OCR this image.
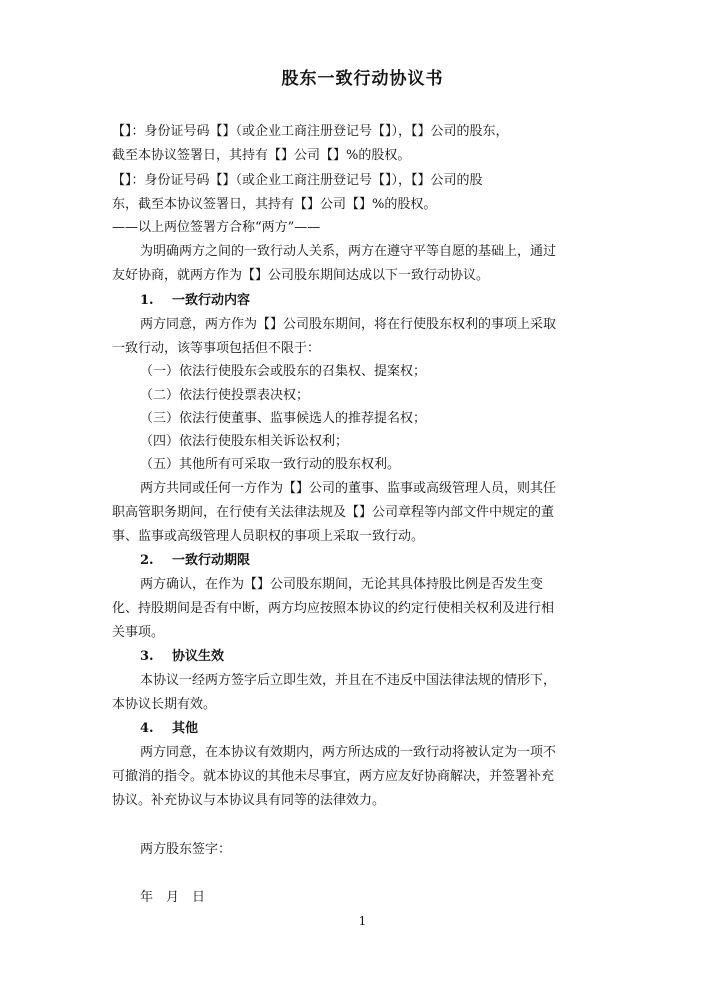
股东一致行动协议书
【】：身份证号码【】（或企业工商注册登记号【】），【】公司的股东，
截至本协议签署日，其持有【】公司【】%的股权。
【】：身份证号码【】（或企业工商注册登记号【】），【】公司的股
东，截至本协议签署日，其持有【】公司【】%的股权。
——以上两位签署方合称“两方”——
为明确两方之间的一致行动人关系，两方在遵守平等自愿的基础上，通过
友好协商，就两方作为【】公司股东期间达成以下一致行动协议。
1. 一致行动内容
两方同意，两方作为【】公司股东期间，将在行使股东权利的事项上采取
一致行动，该等事项包括但不限于：
（一）依法行使股东会或股东的召集权、提案权；
（二）依法行使投票表决权；
（三）依法行使董事、监事候选人的推荐提名权；
（四）依法行使股东相关诉讼权利；
（五）其他所有可采取一致行动的股东权利。
两方共同或任何一方作为【】公司的董事、监事或高级管理人员，则其任
职高管职务期间，在行使有关法律法规及【】公司章程等内部文件中规定的董
事、监事或高级管理人员职权的事项上采取一致行动。
2. 一致行动期限
两方确认，在作为【】公司股东期间，无论其具体持股比例是否发生变
化、持股期间是否有中断，两方均应按照本协议的约定行使相关权利及进行相
关事项。
3. 协议生效
本协议一经两方签字后立即生效，并且在不违反中国法律法规的情形下，
本协议长期有效。
4. 其他
两方同意，在本协议有效期内，两方所达成的一致行动将被认定为一项不
可撤消的指令。就本协议的其他未尽事宜，两方应友好协商解决，并签署补充
协议。补充协议与本协议具有同等的法律效力。
两方股东签字：
年　月　日
1
